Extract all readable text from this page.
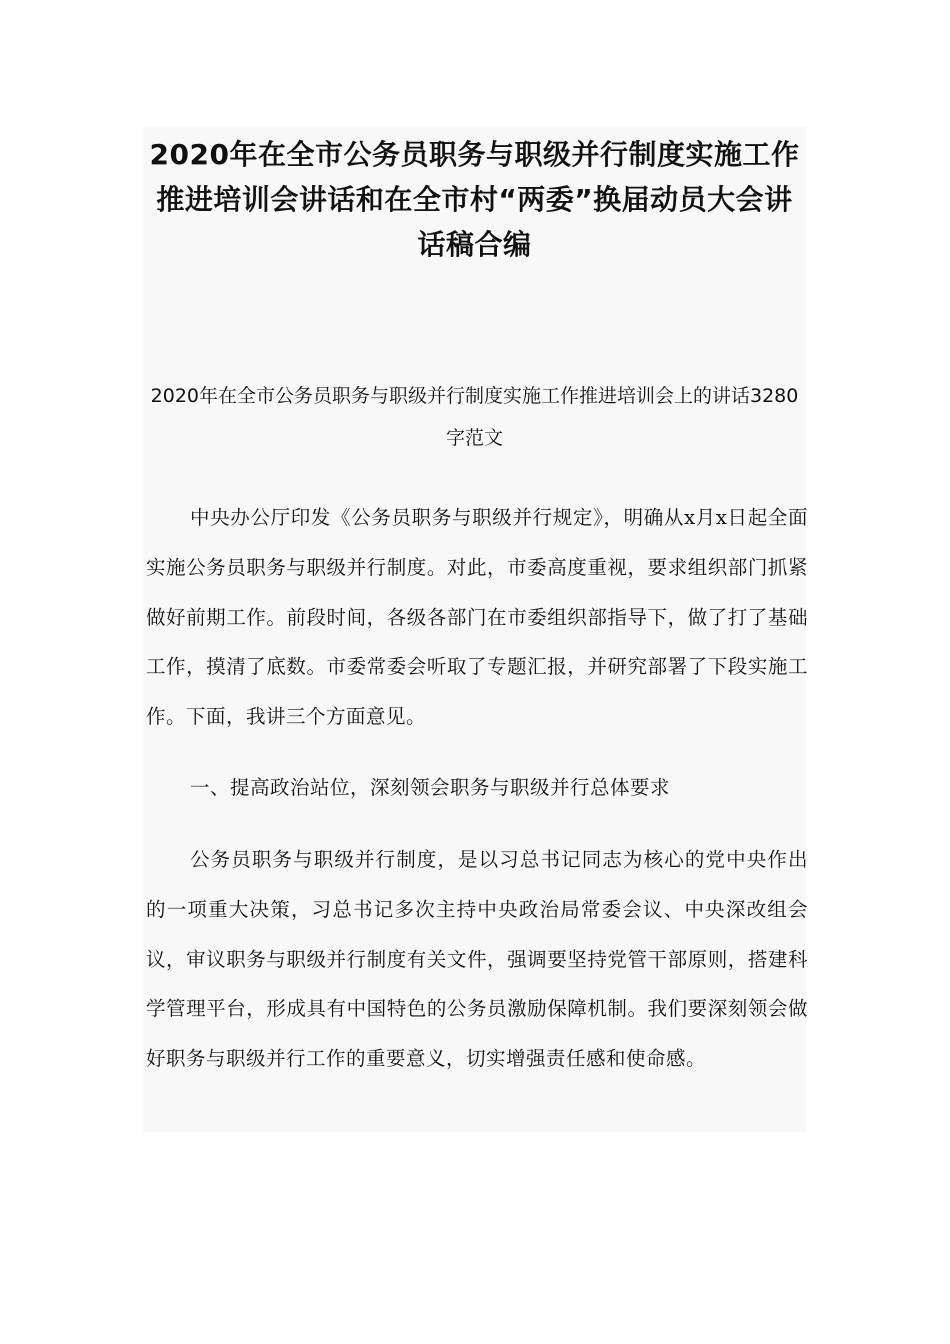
2020年在全市公务员职务与职级并行制度实施工作推进培训会讲话和在全市村“两委”换届动员大会讲话稿合编
2020年在全市公务员职务与职级并行制度实施工作推进培训会上的讲话3280字范文

中央办公厅印发《公务员职务与职级并行规定》，明确从x月x日起全面实施公务员职务与职级并行制度。对此，市委高度重视，要求组织部门抓紧做好前期工作。前段时间，各级各部门在市委组织部指导下，做了打了基础工作，摸清了底数。市委常委会听取了专题汇报，并研究部署了下段实施工作。下面，我讲三个方面意见。

一、提高政治站位，深刻领会职务与职级并行总体要求

公务员职务与职级并行制度，是以习总书记同志为核心的党中央作出的一项重大决策，习总书记多次主持中央政治局常委会议、中央深改组会议，审议职务与职级并行制度有关文件，强调要坚持党管干部原则，搭建科学管理平台，形成具有中国特色的公务员激励保障机制。我们要深刻领会做好职务与职级并行工作的重要意义，切实增强责任感和使命感。
